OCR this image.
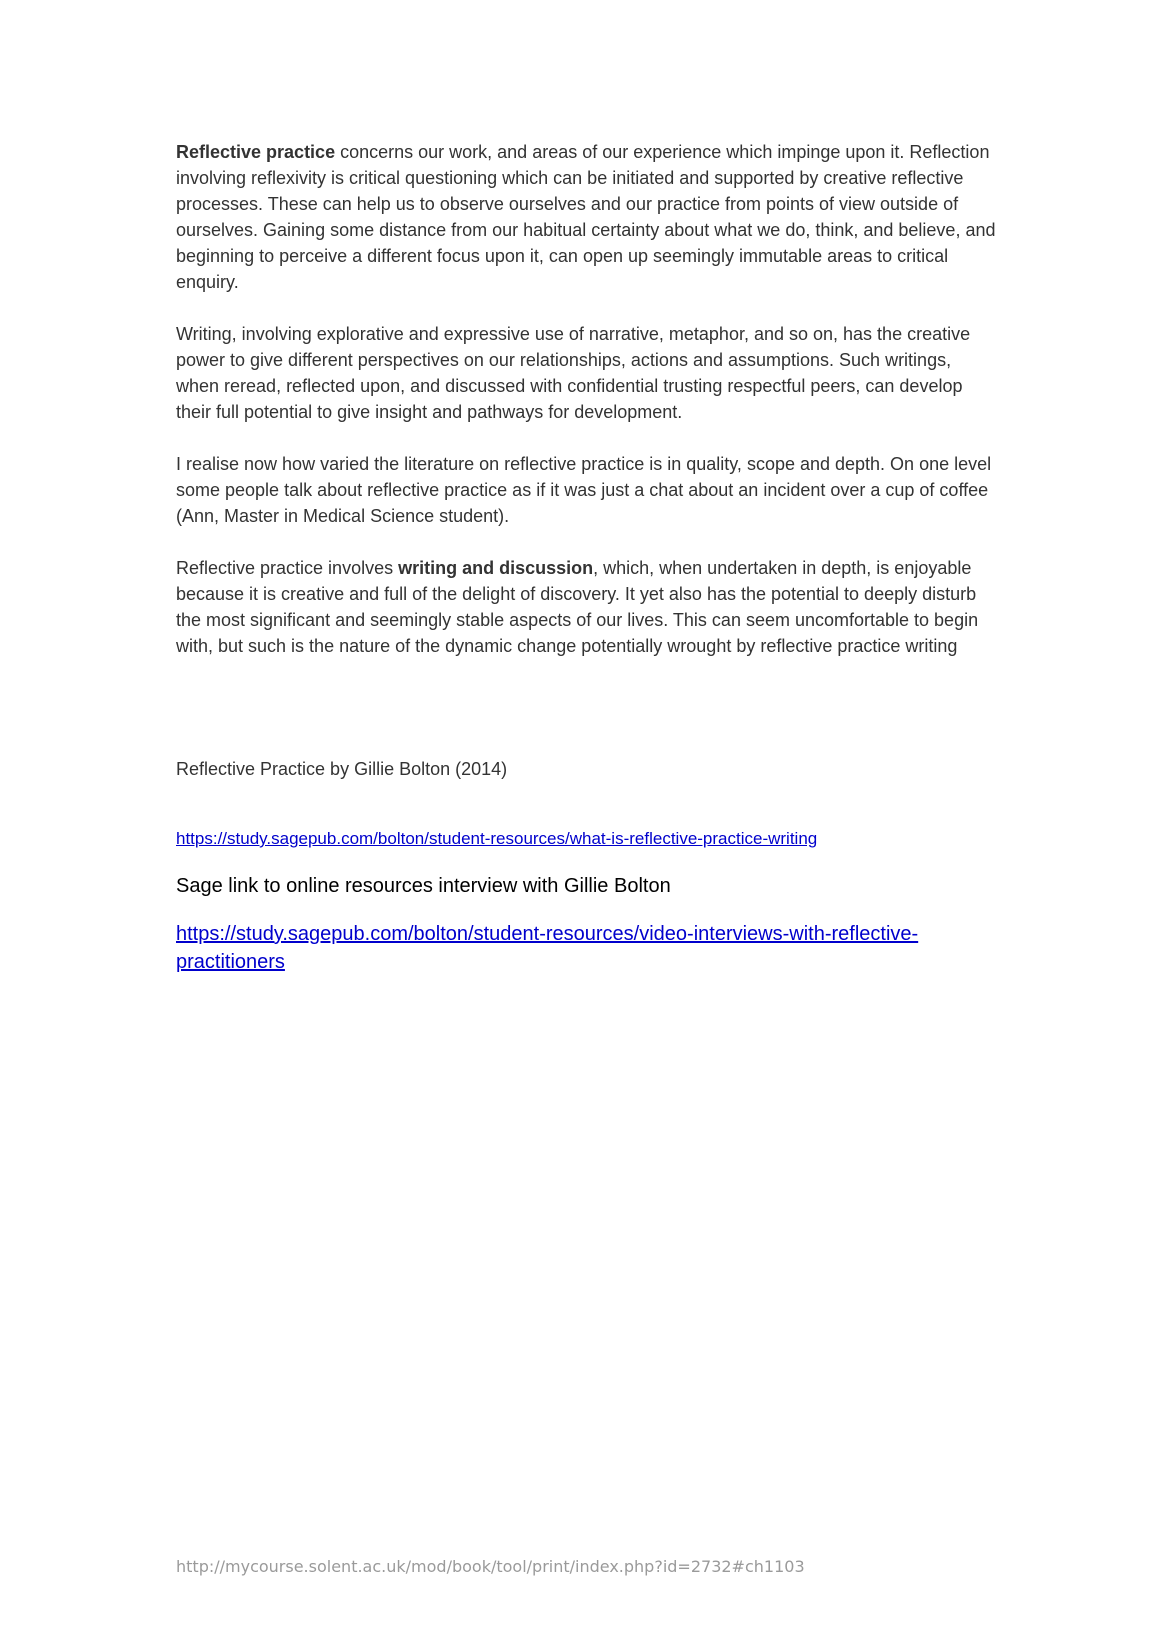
Reflective practice concerns our work, and areas of our experience which impinge upon it. Reflection involving reflexivity is critical questioning which can be initiated and supported by creative reflective processes. These can help us to observe ourselves and our practice from points of view outside of ourselves. Gaining some distance from our habitual certainty about what we do, think, and believe, and beginning to perceive a different focus upon it, can open up seemingly immutable areas to critical enquiry.

Writing, involving explorative and expressive use of narrative, metaphor, and so on, has the creative power to give different perspectives on our relationships, actions and assumptions. Such writings, when reread, reflected upon, and discussed with confidential trusting respectful peers, can develop their full potential to give insight and pathways for development.

I realise now how varied the literature on reflective practice is in quality, scope and depth. On one level some people talk about reflective practice as if it was just a chat about an incident over a cup of coffee (Ann, Master in Medical Science student).

Reflective practice involves writing and discussion, which, when undertaken in depth, is enjoyable because it is creative and full of the delight of discovery. It yet also has the potential to deeply disturb the most significant and seemingly stable aspects of our lives. This can seem uncomfortable to begin with, but such is the nature of the dynamic change potentially wrought by reflective practice writing

Reflective Practice by Gillie Bolton (2014)

https://study.sagepub.com/bolton/student-resources/what-is-reflective-practice-writing

Sage link to online resources interview with Gillie Bolton

https://study.sagepub.com/bolton/student-resources/video-interviews-with-reflective-practitioners

http://mycourse.solent.ac.uk/mod/book/tool/print/index.php?id=2732#ch1103
